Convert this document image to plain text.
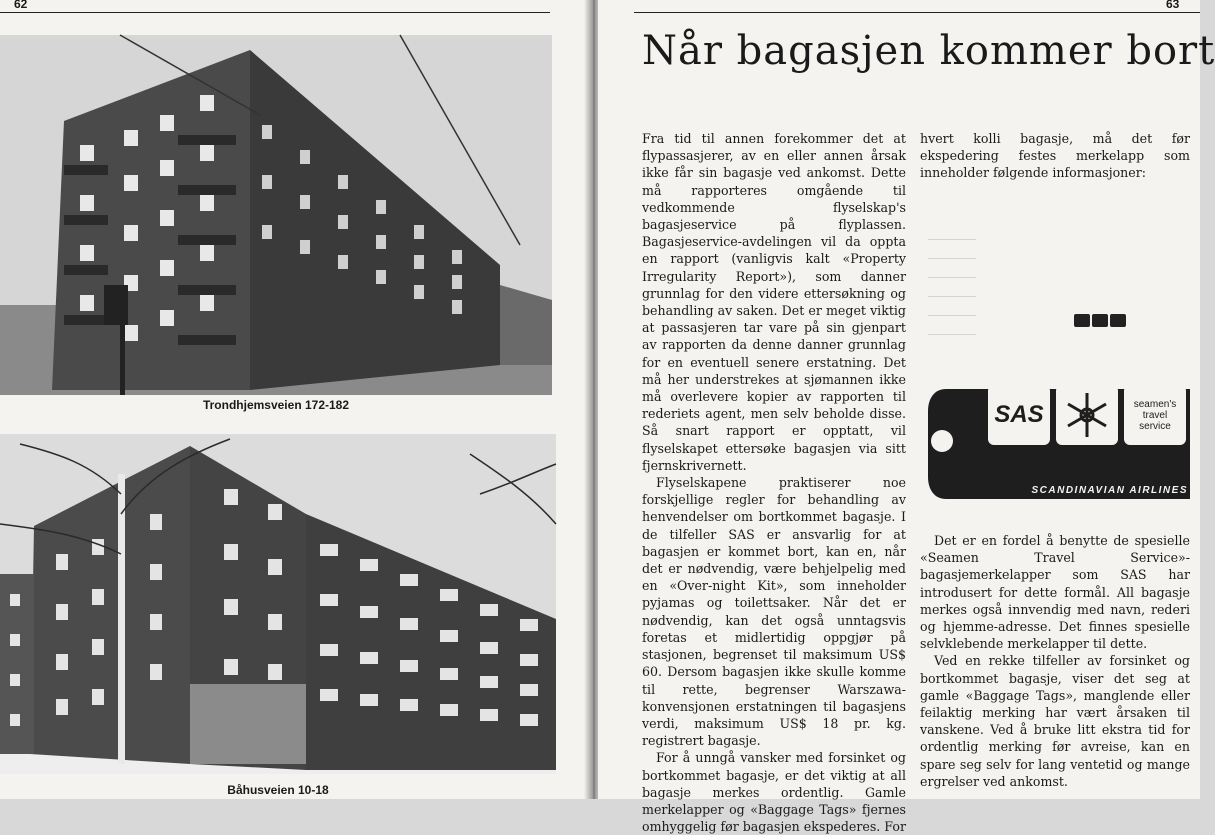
62
Trondhjemsveien 172-182
Båhusveien 10-18
63
Når bagasjen kommer bort

Fra tid til annen forekommer det at flypassasjerer, av en eller annen årsak ikke får sin bagasje ved ankomst. Dette må rapporteres omgående til vedkommende flyselskap's bagasjeservice på flyplassen. Bagasjeservice-avdelingen vil da oppta en rapport (vanligvis kalt «Property Irregularity Report»), som danner grunnlag for den videre ettersøkning og behandling av saken. Det er meget viktig at passasjeren tar vare på sin gjenpart av rapporten da denne danner grunnlag for en eventuell senere erstatning. Det må her understrekes at sjømannen ikke må overlevere kopier av rapporten til rederiets agent, men selv beholde disse. Så snart rapport er opptatt, vil flyselskapet ettersøke bagasjen via sitt fjernskrivernett.

Flyselskapene praktiserer noe forskjellige regler for behandling av henvendelser om bortkommet bagasje. I de tilfeller SAS er ansvarlig for at bagasjen er kommet bort, kan en, når det er nødvendig, være behjelpelig med en «Over-night Kit», som inneholder pyjamas og toilettsaker. Når det er nødvendig, kan det også unntagsvis foretas et midlertidig oppgjør på stasjonen, begrenset til maksimum US$ 60. Dersom bagasjen ikke skulle komme til rette, begrenser Warszawa-konvensjonen erstatningen til bagasjens verdi, maksimum US$ 18 pr. kg. registrert bagasje.

For å unngå vansker med forsinket og bortkommet bagasje, er det viktig at all bagasje merkes ordentlig. Gamle merkelapper og «Baggage Tags» fjernes omhyggelig før bagasjen ekspederes. For

hvert kolli bagasje, må det før ekspedering festes merkelapp som inneholder følgende informasjoner:

————————————
————————————
————————————
————————————
————————————
————————————
SAS	seamen's
travel
service
SCANDINAVIAN AIRLINES

Det er en fordel å benytte de spesielle «Seamen Travel Service»-bagasjemerkelapper som SAS har introdusert for dette formål. All bagasje merkes også innvendig med navn, rederi og hjemme-adresse. Det finnes spesielle selvklebende merkelapper til dette.

Ved en rekke tilfeller av forsinket og bortkommet bagasje, viser det seg at gamle «Baggage Tags», manglende eller feilaktig merking har vært årsaken til vanskene. Ved å bruke litt ekstra tid for ordentlig merking før avreise, kan en spare seg selv for lang ventetid og mange ergrelser ved ankomst.
